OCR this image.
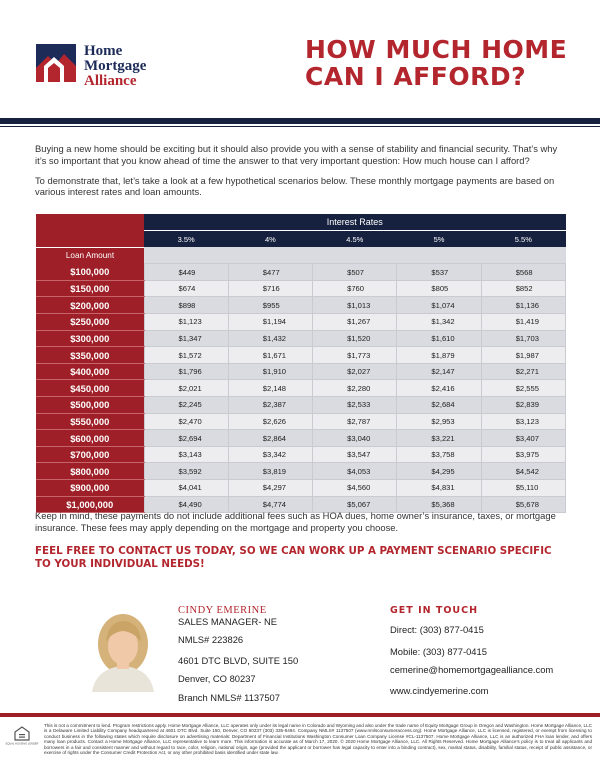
Home
Mortgage
Alliance
HOW MUCH HOME
CAN I AFFORD?

Buying a new home should be exciting but it should also provide you with a sense of stability and financial security. That’s why it’s so important that you know ahead of time the answer to that very important question: How much house can I afford?

To demonstrate that, let’s take a look at a few hypothetical scenarios below. These monthly mortgage payments are based on various interest rates and loan amounts.

	Interest Rates				
	3.5%	4%	4.5%	5%	5.5%
Loan Amount					
$100,000	$449	$477	$507	$537	$568
$150,000	$674	$716	$760	$805	$852
$200,000	$898	$955	$1,013	$1,074	$1,136
$250,000	$1,123	$1,194	$1,267	$1,342	$1,419
$300,000	$1,347	$1,432	$1,520	$1,610	$1,703
$350,000	$1,572	$1,671	$1,773	$1,879	$1,987
$400,000	$1,796	$1,910	$2,027	$2,147	$2,271
$450,000	$2,021	$2,148	$2,280	$2,416	$2,555
$500,000	$2,245	$2,387	$2,533	$2,684	$2,839
$550,000	$2,470	$2,626	$2,787	$2,953	$3,123
$600,000	$2,694	$2,864	$3,040	$3,221	$3,407
$700,000	$3,143	$3,342	$3,547	$3,758	$3,975
$800,000	$3,592	$3,819	$4,053	$4,295	$4,542
$900,000	$4,041	$4,297	$4,560	$4,831	$5,110
$1,000,000	$4,490	$4,774	$5,067	$5,368	$5,678
Keep in mind, these payments do not include additional fees such as HOA dues, home owner’s insurance, taxes, or mortgage insurance. These fees may apply depending on the mortgage and property you choose.
FEEL FREE TO CONTACT US TODAY, SO WE CAN WORK UP A PAYMENT SCENARIO SPECIFIC TO YOUR INDIVIDUAL NEEDS!
CINDY EMERINE
SALES MANAGER- NE
NMLS# 223826
4601 DTC BLVD, SUITE 150
Denver, CO 80237
Branch NMLS# 1137507
GET IN TOUCH
Direct: (303) 877-0415
Mobile: (303) 877-0415
cemerine@homemortgagealliance.com
www.cindyemerine.com
EQUAL HOUSING LENDER
This is not a commitment to lend. Program restrictions apply. Home Mortgage Alliance, LLC operates only under its legal name in Colorado and Wyoming and also under the trade name of Equity Mortgage Group in Oregon and Washington. Home Mortgage Alliance, LLC is a Delaware Limited Liability Company headquartered at 4601 DTC Blvd. Suite 150, Denver, CO 80237 (303) 335-8494. Company NMLS# 1137507 (www.nmlsconsumeraccess.org). Home Mortgage Alliance, LLC is licensed, registered, or exempt from licensing to conduct business in the following states which require disclosure on advertising materials: Department of Financial Institutions Washington Consumer Loan Company License #CL-1137507. Home Mortgage Alliance, LLC is an authorized FHA loan lender, and offers many loan products. Contact a Home Mortgage Alliance, LLC representative to learn more. This information is accurate as of March 17, 2020. © 2020 Home Mortgage Alliance, LLC. All Rights Reserved. Home Mortgage Alliance’s policy is to treat all applicants and borrowers in a fair and consistent manner and without regard to race, color, religion, national origin, age (provided the applicant or borrower has legal capacity to enter into a binding contract), sex, marital status, disability, familial status, receipt of public assistance, or exercise of rights under the Consumer Credit Protection Act, or any other prohibited basis identified under state law.
